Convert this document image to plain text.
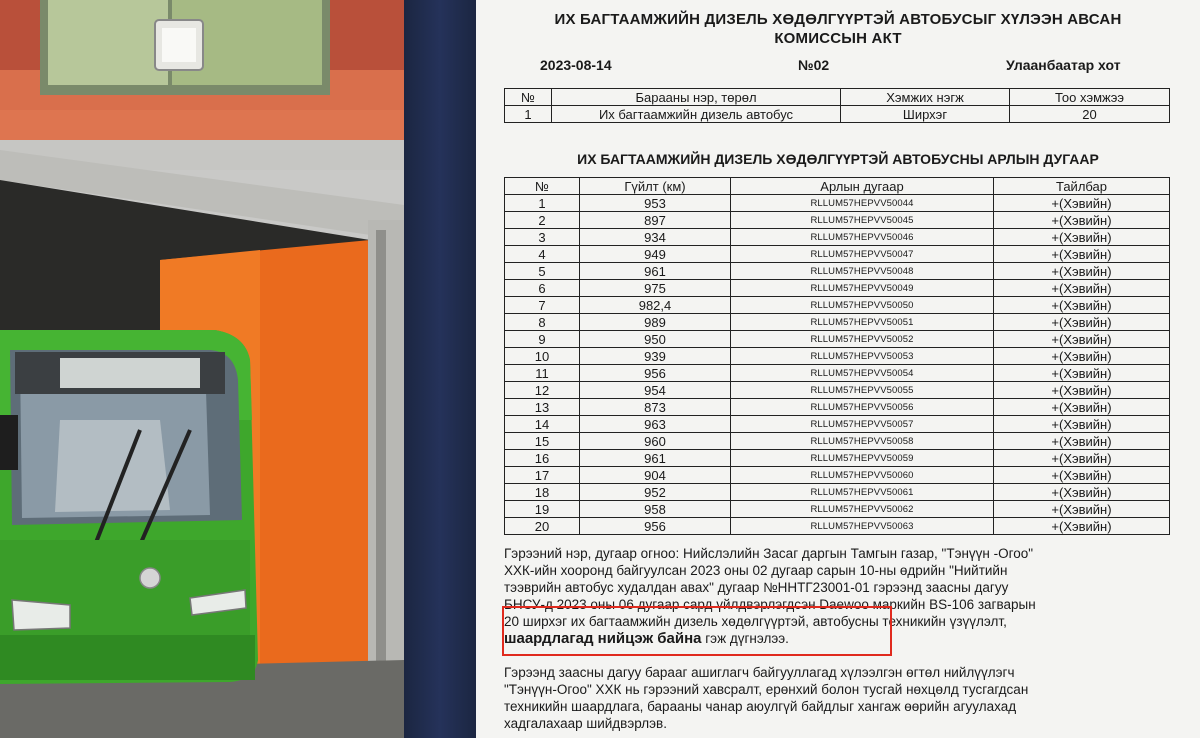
ИХ БАГТААМЖИЙН ДИЗЕЛЬ ХӨДӨЛГҮҮРТЭЙ АВТОБУСЫГ ХҮЛЭЭН АВСАН
КОМИССЫН АКТ
2023-08-14	№02	Улаанбаатар хот
№	Барааны нэр, төрөл	Хэмжих нэгж	Тоо хэмжээ
1	Их багтаамжийн дизель автобус	Ширхэг	20
ИХ БАГТААМЖИЙН ДИЗЕЛЬ ХӨДӨЛГҮҮРТЭЙ АВТОБУСНЫ АРЛЫН ДУГААР
№	Гүйлт (км)	Арлын дугаар	Тайлбар
1	953	RLLUM57HEPVV50044	+(Хэвийн)
2	897	RLLUM57HEPVV50045	+(Хэвийн)
3	934	RLLUM57HEPVV50046	+(Хэвийн)
4	949	RLLUM57HEPVV50047	+(Хэвийн)
5	961	RLLUM57HEPVV50048	+(Хэвийн)
6	975	RLLUM57HEPVV50049	+(Хэвийн)
7	982,4	RLLUM57HEPVV50050	+(Хэвийн)
8	989	RLLUM57HEPVV50051	+(Хэвийн)
9	950	RLLUM57HEPVV50052	+(Хэвийн)
10	939	RLLUM57HEPVV50053	+(Хэвийн)
11	956	RLLUM57HEPVV50054	+(Хэвийн)
12	954	RLLUM57HEPVV50055	+(Хэвийн)
13	873	RLLUM57HEPVV50056	+(Хэвийн)
14	963	RLLUM57HEPVV50057	+(Хэвийн)
15	960	RLLUM57HEPVV50058	+(Хэвийн)
16	961	RLLUM57HEPVV50059	+(Хэвийн)
17	904	RLLUM57HEPVV50060	+(Хэвийн)
18	952	RLLUM57HEPVV50061	+(Хэвийн)
19	958	RLLUM57HEPVV50062	+(Хэвийн)
20	956	RLLUM57HEPVV50063	+(Хэвийн)
Гэрээний нэр, дугаар огноо: Нийслэлийн Засаг даргын Тамгын газар, "Тэнүүн -Огоо"
ХХК-ийн хооронд байгуулсан 2023 оны 02 дугаар сарын 10-ны өдрийн "Нийтийн
тээврийн автобус худалдан авах" дугаар №ННТГ23001-01 гэрээнд заасны дагуу
БНСУ-д 2023 оны 06 дугаар сард үйлдвэрлэгдсэн Daewoo маркийн BS-106 загварын
20 ширхэг их багтаамжийн дизель хөдөлгүүртэй, автобусны техникийн үзүүлэлт,
шаардлагад нийцэж байна гэж дүгнэлээ.
Гэрээнд заасны дагуу барааг ашиглагч байгууллагад хүлээлгэн өгтөл нийлүүлэгч
"Тэнүүн-Огоо" ХХК нь гэрээний хавсралт, ерөнхий болон тусгай нөхцөлд тусгагдсан
техникийн шаардлага, барааны чанар аюулгүй байдлыг хангаж өөрийн агуулахад
хадгалахаар шийдвэрлэв.
